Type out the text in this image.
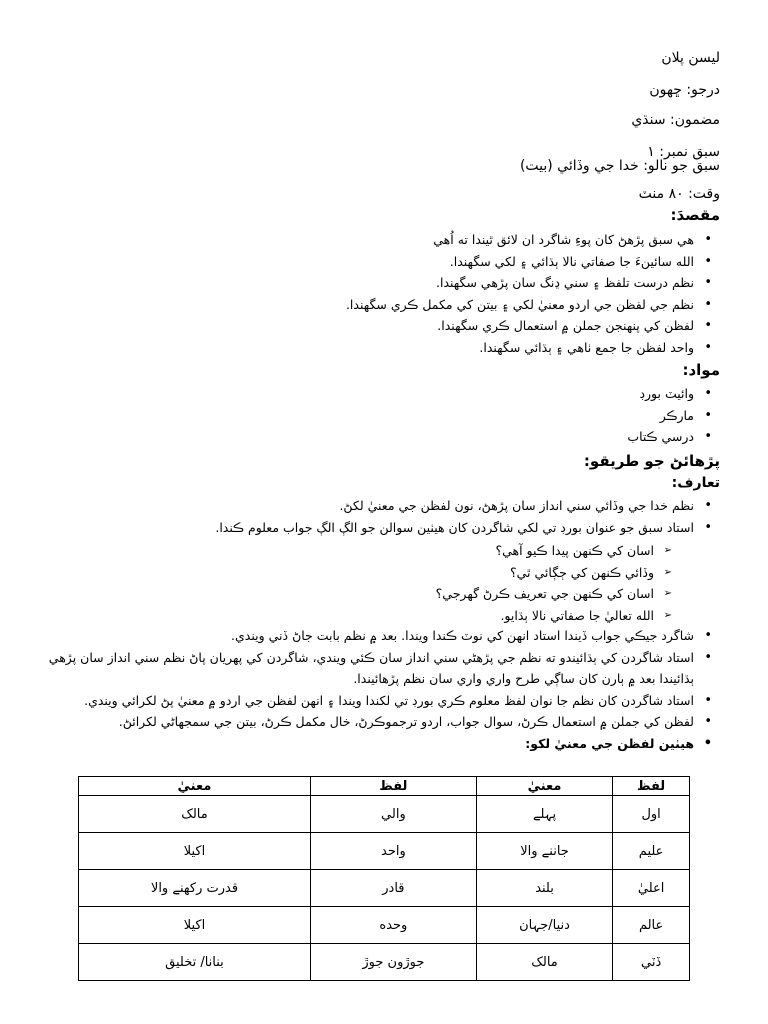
ليسن پلان
درجو: ڇهون
مضمون: سنڌي
سبق نمبر: ١
سبق جو نالو: خدا جي وڏائي (بيت)
وقت: ٨٠ منٽ
مقصدَ:
• هي سبق پڙهڻ کان پوءِ شاگرد ان لائق ٿيندا ته اُهي
• الله سائينءَ جا صفاتي نالا ٻڌائي ۽ لکي سگهندا.
• نظم درست تلفظ ۽ سني ڍنگ سان پڙهي سگهندا.
• نظم جي لفظن جي اردو معنيٰ لکي ۽ بيتن کي مکمل ڪري سگهندا.
• لفظن کي پنهنجن جملن ۾ استعمال ڪري سگهندا.
• واحد لفظن جا جمع ٺاهي ۽ ٻڌائي سگهندا.
مواد:
• وائيٽ بورڊ
• مارڪر
• درسي ڪتاب
پڙهائڻ جو طريقو:
تعارف:
• نظم خدا جي وڏائي سني انداز سان پڙهڻ، نون لفظن جي معنيٰ لکڻ.
• استاد سبق جو عنوان بورڊ تي لکي شاگردن کان هيٺين سوالن جو الڳ الڳ جواب معلوم ڪندا.
➢ اسان کي ڪنهن پيدا ڪيو آهي؟
➢ وڏائي ڪنهن کي ڄڳائي ٿي؟
➢ اسان کي ڪنهن جي تعريف ڪرڻ گهرجي؟
➢ الله تعاليٰ جا صفاتي نالا ٻڌايو.
• شاگرد جيڪي جواب ڏيندا استاد انهن کي نوٽ ڪندا ويندا. بعد ۾ نظم بابت جاڻ ڏني ويندي.
• استاد شاگردن کي ٻڌائيندو ته نظم جي پڙهڻي سني انداز سان ڪئي ويندي، شاگردن کي پهريان پاڻ نظم سني انداز سان پڙهي ٻڌائيندا بعد ۾ ٻارن کان ساڳي طرح واري واري سان نظم پڙهائيندا.
• استاد شاگردن کان نظم جا نوان لفظ معلوم ڪري بورڊ تي لکندا ويندا ۽ انهن لفظن جي اردو ۾ معنيٰ پڻ لکرائي ويندي.
• لفظن کي جملن ۾ استعمال ڪرڻ، سوال جواب، اردو ترجموڪرڻ، خال مکمل ڪرڻ، بيتن جي سمجهاڻي لکرائڻ.
• هيٺين لفظن جي معنيٰ لکو:
لفظ	معنيٰ	لفظ	معنيٰ
اول	پہلے	والي	مالک
عليم	جاننے والا	واحد	اکیلا
اعليٰ	بلند	قادر	قدرت رکھنے والا
عالم	دنیا/جہان	وحده	اکیلا
ڏٽي	مالک	جوڙون جوڙ	بنانا/ تخلیق
